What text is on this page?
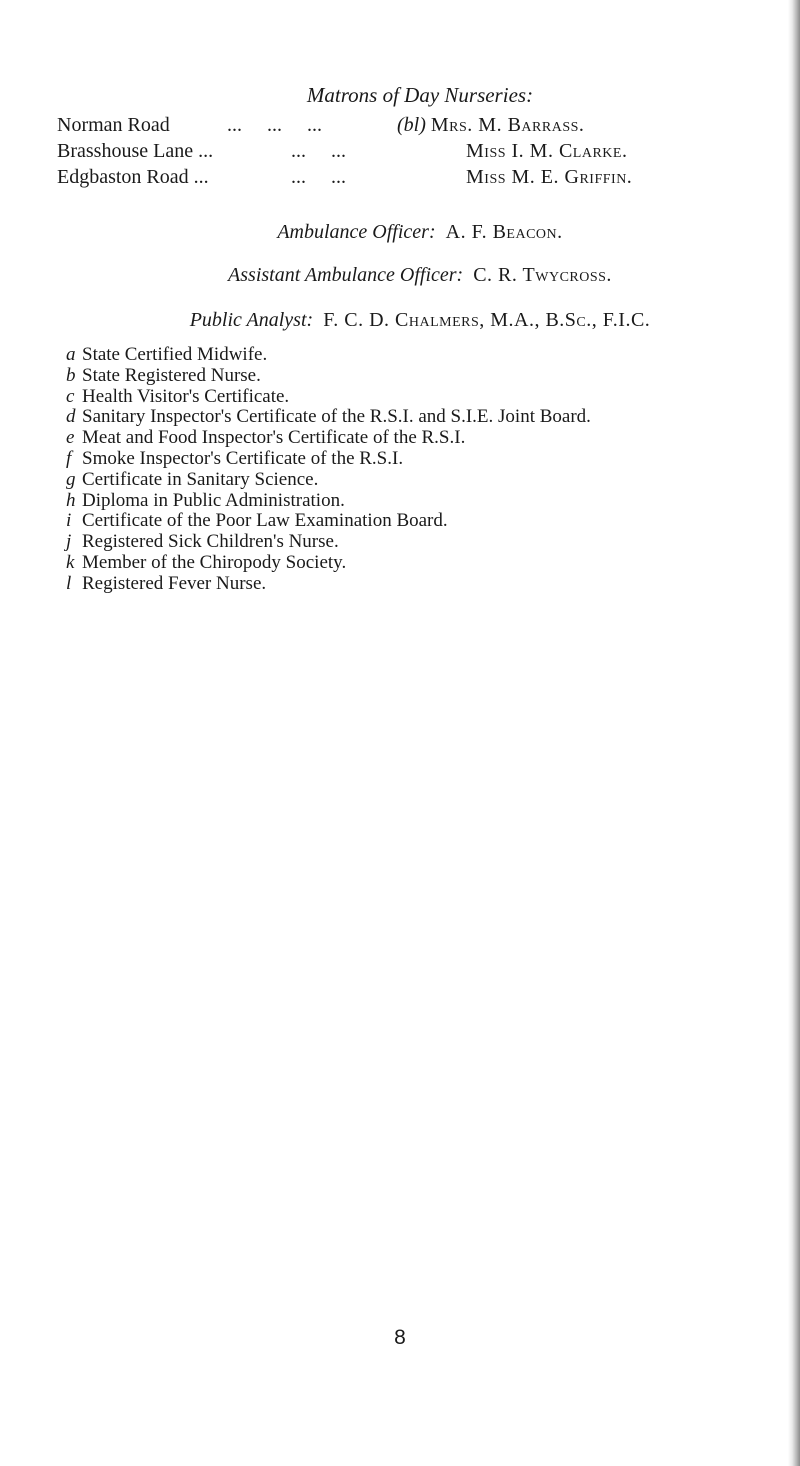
Matrons of Day Nurseries:
Norman Road	...     ...     ...	(bl) Mrs. M. Barrass.
Brasshouse Lane ...	...     ...	Miss I. M. Clarke.
Edgbaston Road ...	...     ...	Miss M. E. Griffin.
Ambulance Officer: A. F. Beacon.
Assistant Ambulance Officer: C. R. Twycross.
Public Analyst: F. C. D. Chalmers, M.A., B.Sc., F.I.C.
a State Certified Midwife.
b State Registered Nurse.
c Health Visitor's Certificate.
d Sanitary Inspector's Certificate of the R.S.I. and S.I.E. Joint Board.
e Meat and Food Inspector's Certificate of the R.S.I.
f Smoke Inspector's Certificate of the R.S.I.
g Certificate in Sanitary Science.
h Diploma in Public Administration.
i Certificate of the Poor Law Examination Board.
j Registered Sick Children's Nurse.
k Member of the Chiropody Society.
l Registered Fever Nurse.
8
